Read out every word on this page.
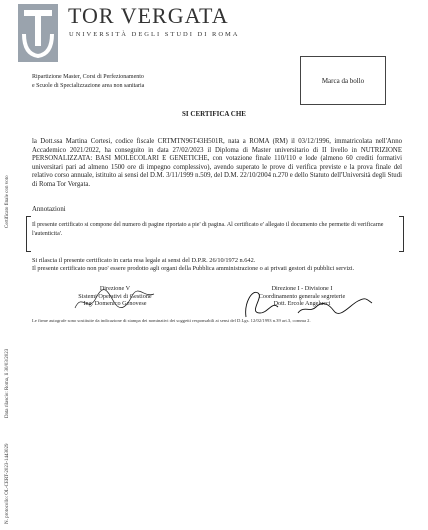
TOR VERGATA
UNIVERSITÀ DEGLI STUDI DI ROMA
Ripartizione Master, Corsi di Perfezionamento
e Scuole di Specializzazione area non sanitaria
Marca da bollo
SI CERTIFICA CHE
la Dott.ssa Martina Cortesi, codice fiscale CRTMTN96T43H501R, nata a ROMA (RM) il 03/12/1996, immatricolata nell'Anno Accademico 2021/2022, ha conseguito in data 27/02/2023 il Diploma di Master universitario di II livello in NUTRIZIONE PERSONALIZZATA: BASI MOLECOLARI E GENETICHE, con votazione finale 110/110 e lode (almeno 60 crediti formativi universitari pari ad almeno 1500 ore di impegno complessivo), avendo superato le prove di verifica previste e la prova finale del relativo corso annuale, istituito ai sensi del D.M. 3/11/1999 n.509, del D.M. 22/10/2004 n.270 e dello Statuto dell'Università degli Studi di Roma Tor Vergata.
Annotazioni
Il presente certificato si compone del numero di pagine riportato a pie' di pagina. Al certificato e' allegato il documento che permette di verificarne l'autenticita'.
Si rilascia il presente certificato in carta resa legale ai sensi del D.P.R. 26/10/1972 n.642.
Il presente certificato non puo' essere prodotto agli organi della Pubblica amministrazione o ai privati gestori di pubblici servizi.
Direzione V
Sistemi Operativi di Gestione
Ing. Domenico Genovese
Direzione I - Divisione I
Coordinamento generale segreterie
Dott. Ercole Angelucci
Le firme autografe sono sostituite da indicazione di stampa dei nominativi dei soggetti responsabili ai sensi del D.Lgs. 12/02/1993 n.39 art.3, comma 2.
Certificato finale con voto
Data rilascio: Roma, lì 30/03/2023
N. protocollo: OL-CERT-2023-1443029
